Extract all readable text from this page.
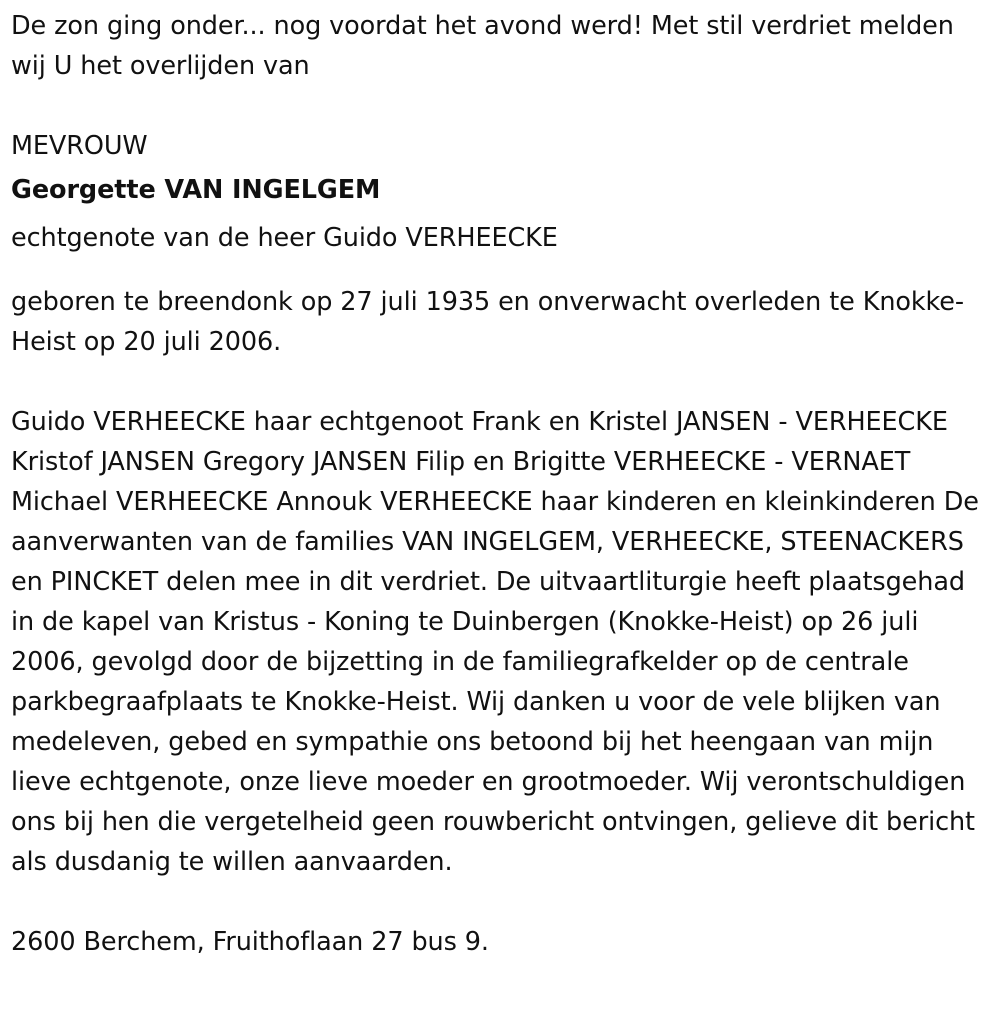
De zon ging onder... nog voordat het avond werd! Met stil verdriet melden wij U het overlijden van

MEVROUW

Georgette VAN INGELGEM

echtgenote van de heer Guido VERHEECKE

geboren te breendonk op 27 juli 1935 en onverwacht overleden te Knokke-Heist op 20 juli 2006.

Guido VERHEECKE haar echtgenoot Frank en Kristel JANSEN - VERHEECKE Kristof JANSEN Gregory JANSEN Filip en Brigitte VERHEECKE - VERNAET Michael VERHEECKE Annouk VERHEECKE haar kinderen en kleinkinderen De aanverwanten van de families VAN INGELGEM, VERHEECKE, STEENACKERS en PINCKET delen mee in dit verdriet. De uitvaartliturgie heeft plaatsgehad in de kapel van Kristus - Koning te Duinbergen (Knokke-Heist) op 26 juli 2006, gevolgd door de bijzetting in de familiegrafkelder op de centrale parkbegraafplaats te Knokke-Heist. Wij danken u voor de vele blijken van medeleven, gebed en sympathie ons betoond bij het heengaan van mijn lieve echtgenote, onze lieve moeder en grootmoeder. Wij verontschuldigen ons bij hen die vergetelheid geen rouwbericht ontvingen, gelieve dit bericht als dusdanig te willen aanvaarden.

2600 Berchem, Fruithoflaan 27 bus 9.
